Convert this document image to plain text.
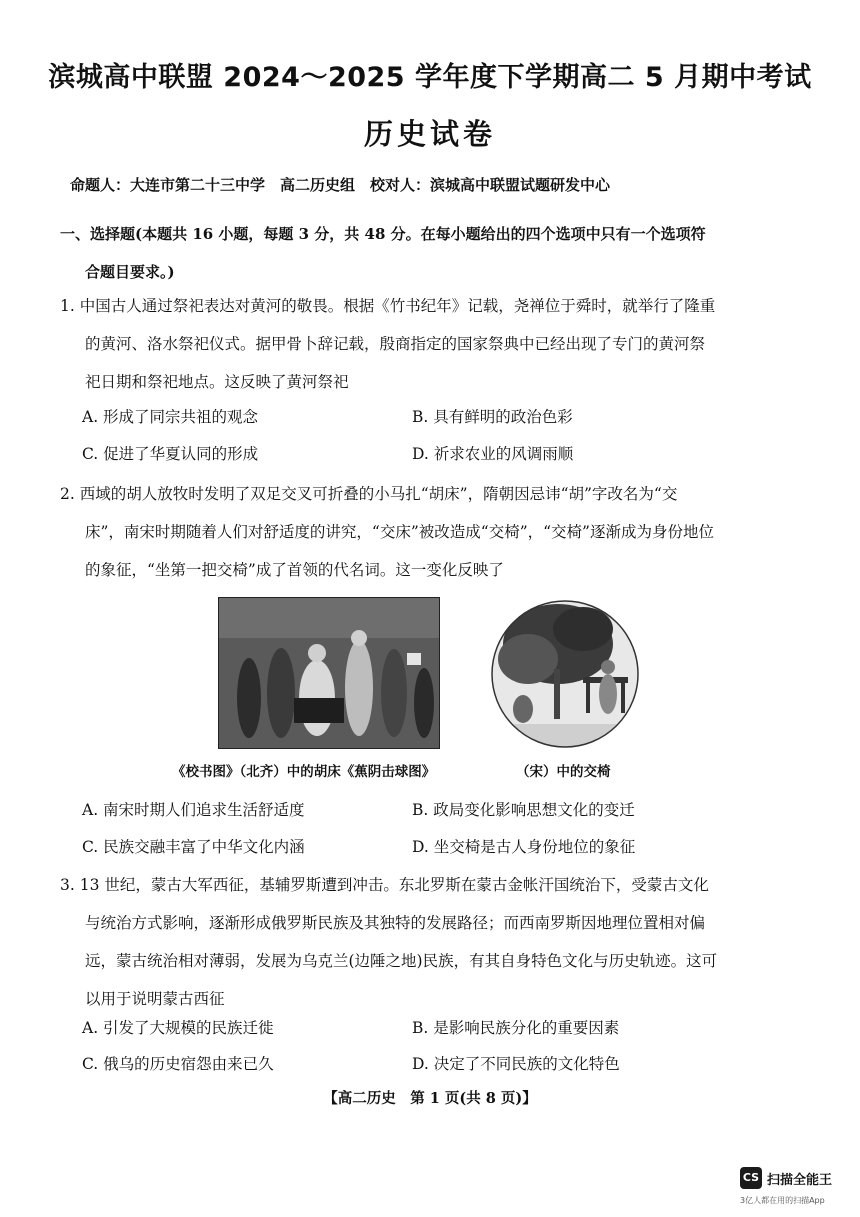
滨城高中联盟 2024～2025 学年度下学期高二 5 月期中考试
历史试卷
命题人：大连市第二十三中学　高二历史组　校对人：滨城高中联盟试题研发中心
一、选择题(本题共 16 小题，每题 3 分，共 48 分。在每小题给出的四个选项中只有一个选项符
合题目要求。)
1. 中国古人通过祭祀表达对黄河的敬畏。根据《竹书纪年》记载，尧禅位于舜时，就举行了隆重
的黄河、洛水祭祀仪式。据甲骨卜辞记载，殷商指定的国家祭典中已经出现了专门的黄河祭
祀日期和祭祀地点。这反映了黄河祭祀
A. 形成了同宗共祖的观念	B. 具有鲜明的政治色彩
C. 促进了华夏认同的形成	D. 祈求农业的风调雨顺
2. 西域的胡人放牧时发明了双足交叉可折叠的小马扎“胡床”，隋朝因忌讳“胡”字改名为“交
床”，南宋时期随着人们对舒适度的讲究，“交床”被改造成“交椅”，“交椅”逐渐成为身份地位
的象征，“坐第一把交椅”成了首领的代名词。这一变化反映了
《校书图》（北齐）中的胡床《蕉阴击球图》	（宋）中的交椅
A. 南宋时期人们追求生活舒适度	B. 政局变化影响思想文化的变迁
C. 民族交融丰富了中华文化内涵	D. 坐交椅是古人身份地位的象征
3. 13 世纪，蒙古大军西征，基辅罗斯遭到冲击。东北罗斯在蒙古金帐汗国统治下，受蒙古文化
与统治方式影响，逐渐形成俄罗斯民族及其独特的发展路径；而西南罗斯因地理位置相对偏
远，蒙古统治相对薄弱，发展为乌克兰(边陲之地)民族，有其自身特色文化与历史轨迹。这可
以用于说明蒙古西征
A. 引发了大规模的民族迁徙	B. 是影响民族分化的重要因素
C. 俄乌的历史宿怨由来已久	D. 决定了不同民族的文化特色
【高二历史　第 1 页(共 8 页)】
CS 扫描全能王
3亿人都在用的扫描App
